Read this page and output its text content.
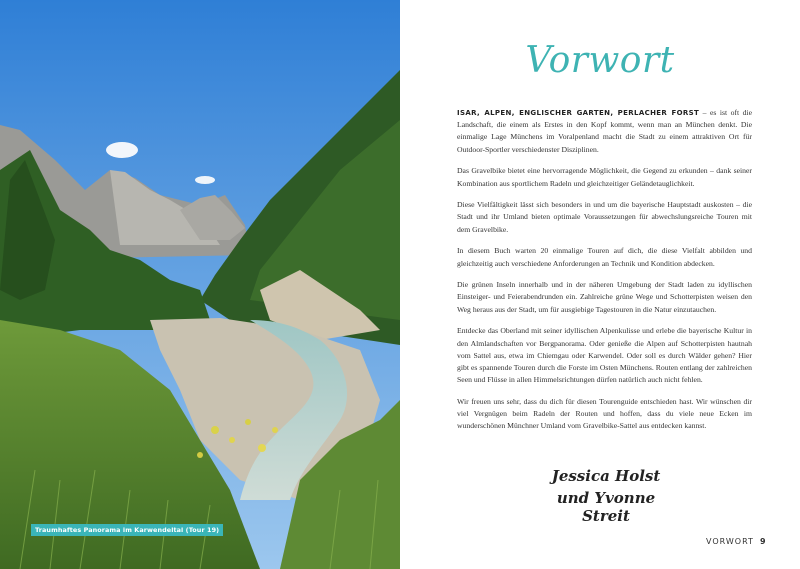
Traumhaftes Panorama im Karwendeltal (Tour 19)
Vorwort

ISAR, ALPEN, ENGLISCHER GARTEN, PERLACHER FORST – es ist oft die Landschaft, die einem als Erstes in den Kopf kommt, wenn man an München denkt. Die einmalige Lage Münchens im Voralpenland macht die Stadt zu einem attraktiven Ort für Outdoor-Sportler verschiedenster Disziplinen.

Das Gravelbike bietet eine hervorragende Möglichkeit, die Gegend zu erkunden – dank seiner Kombination aus sportlichem Radeln und gleichzeitiger Geländetauglichkeit.

Diese Vielfältigkeit lässt sich besonders in und um die bayerische Hauptstadt auskosten – die Stadt und ihr Umland bieten optimale Voraussetzungen für abwechslungsreiche Touren mit dem Gravelbike.

In diesem Buch warten 20 einmalige Touren auf dich, die diese Vielfalt abbilden und gleichzeitig auch verschiedene Anforderungen an Technik und Kondition abdecken.

Die grünen Inseln innerhalb und in der näheren Umgebung der Stadt laden zu idyllischen Einsteiger- und Feierabendrunden ein. Zahlreiche grüne Wege und Schotterpisten weisen den Weg heraus aus der Stadt, um für ausgiebige Tagestouren in die Natur einzutauchen.

Entdecke das Oberland mit seiner idyllischen Alpenkulisse und erlebe die bayerische Kultur in den Almlandschaften vor Bergpanorama. Oder genieße die Alpen auf Schotterpisten hautnah vom Sattel aus, etwa im Chiemgau oder Karwendel. Oder soll es durch Wälder gehen? Hier gibt es spannende Touren durch die Forste im Osten Münchens. Routen entlang der zahlreichen Seen und Flüsse in allen Himmelsrichtungen dürfen natürlich auch nicht fehlen.

Wir freuen uns sehr, dass du dich für diesen Tourenguide entschieden hast. Wir wünschen dir viel Vergnügen beim Radeln der Routen und hoffen, dass du viele neue Ecken im wunderschönen Münchner Umland vom Gravelbike-Sattel aus entdecken kannst.

Jessica Holst
und Yvonne Streit
VORWORT 9
